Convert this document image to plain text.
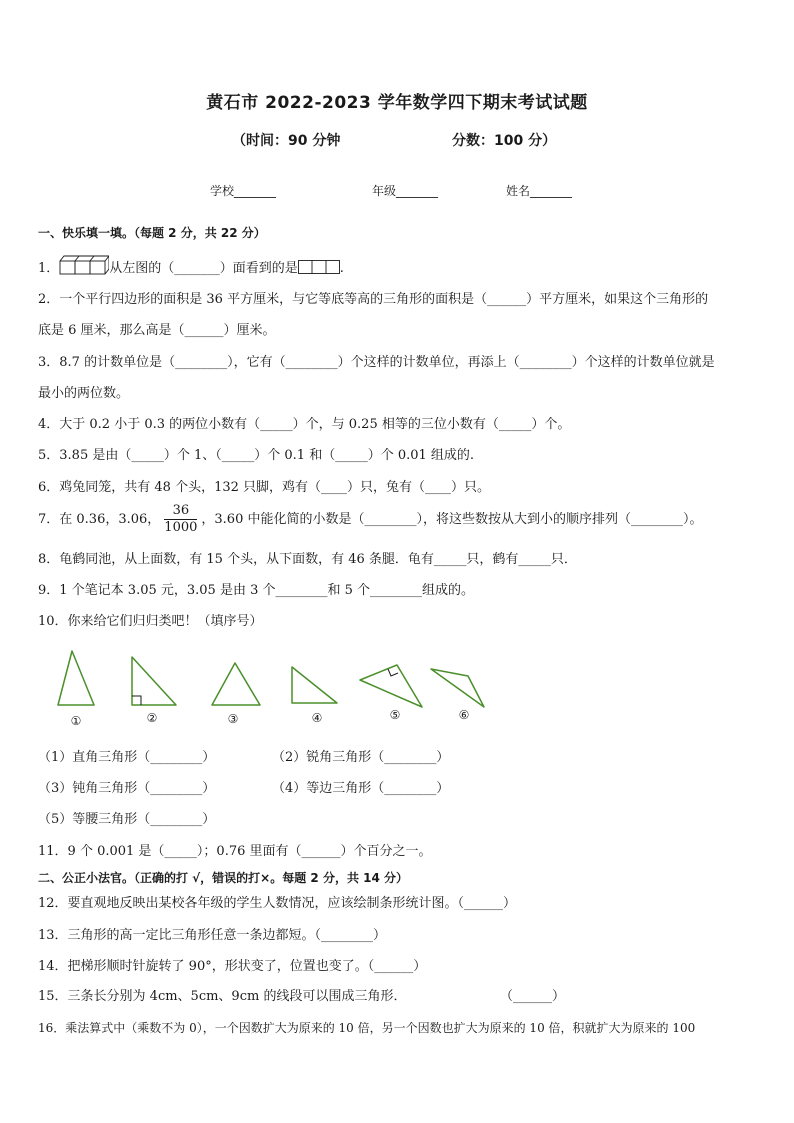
黄石市 2022-2023 学年数学四下期末考试试题
（时间：90 分钟	分数：100 分）
学校_______	年级_______	姓名_______
一、快乐填一填。（每题 2 分，共 22 分）
1．	从左图的（_______）面看到的是	.
2．一个平行四边形的面积是 36 平方厘米，与它等底等高的三角形的面积是（______）平方厘米，如果这个三角形的
底是 6 厘米，那么高是（______）厘米。
3．8.7 的计数单位是（________），它有（________）个这样的计数单位，再添上（________）个这样的计数单位就是
最小的两位数。
4．大于 0.2 小于 0.3 的两位小数有（_____）个，与 0.25 相等的三位小数有（_____）个。
5．3.85 是由（_____）个 1、（_____）个 0.1 和（_____）个 0.01 组成的.
6．鸡兔同笼，共有 48 个头，132 只脚，鸡有（____）只，兔有（____）只。
7．在 0.36，3.06， $\frac{36}{1000}$ ，3.60 中能化简的小数是（________），将这些数按从大到小的顺序排列（________）。
8．龟鹤同池，从上面数，有 15 个头，从下面数，有 46 条腿．龟有_____只，鹤有_____只．
9．1 个笔记本 3.05 元，3.05 是由 3 个________和 5 个________组成的。
10．你来给它们归归类吧！（填序号）
①	②	③	④	⑤	⑥
（1）直角三角形（________）	（2）锐角三角形（________）
（3）钝角三角形（________）	（4）等边三角形（________）
（5）等腰三角形（________）
11．9 个 0.001 是（_____）；0.76 里面有（______）个百分之一。
二、公正小法官。（正确的打 √，错误的打×。每题 2 分，共 14 分）
12．要直观地反映出某校各年级的学生人数情况，应该绘制条形统计图。（______）
13．三角形的高一定比三角形任意一条边都短。（________）
14．把梯形顺时针旋转了 90°，形状变了，位置也变了。（______）
15．三条长分别为 4cm、5cm、9cm 的线段可以围成三角形．	（______）
16．乘法算式中（乘数不为 0），一个因数扩大为原来的 10 倍，另一个因数也扩大为原来的 10 倍，积就扩大为原来的 100
